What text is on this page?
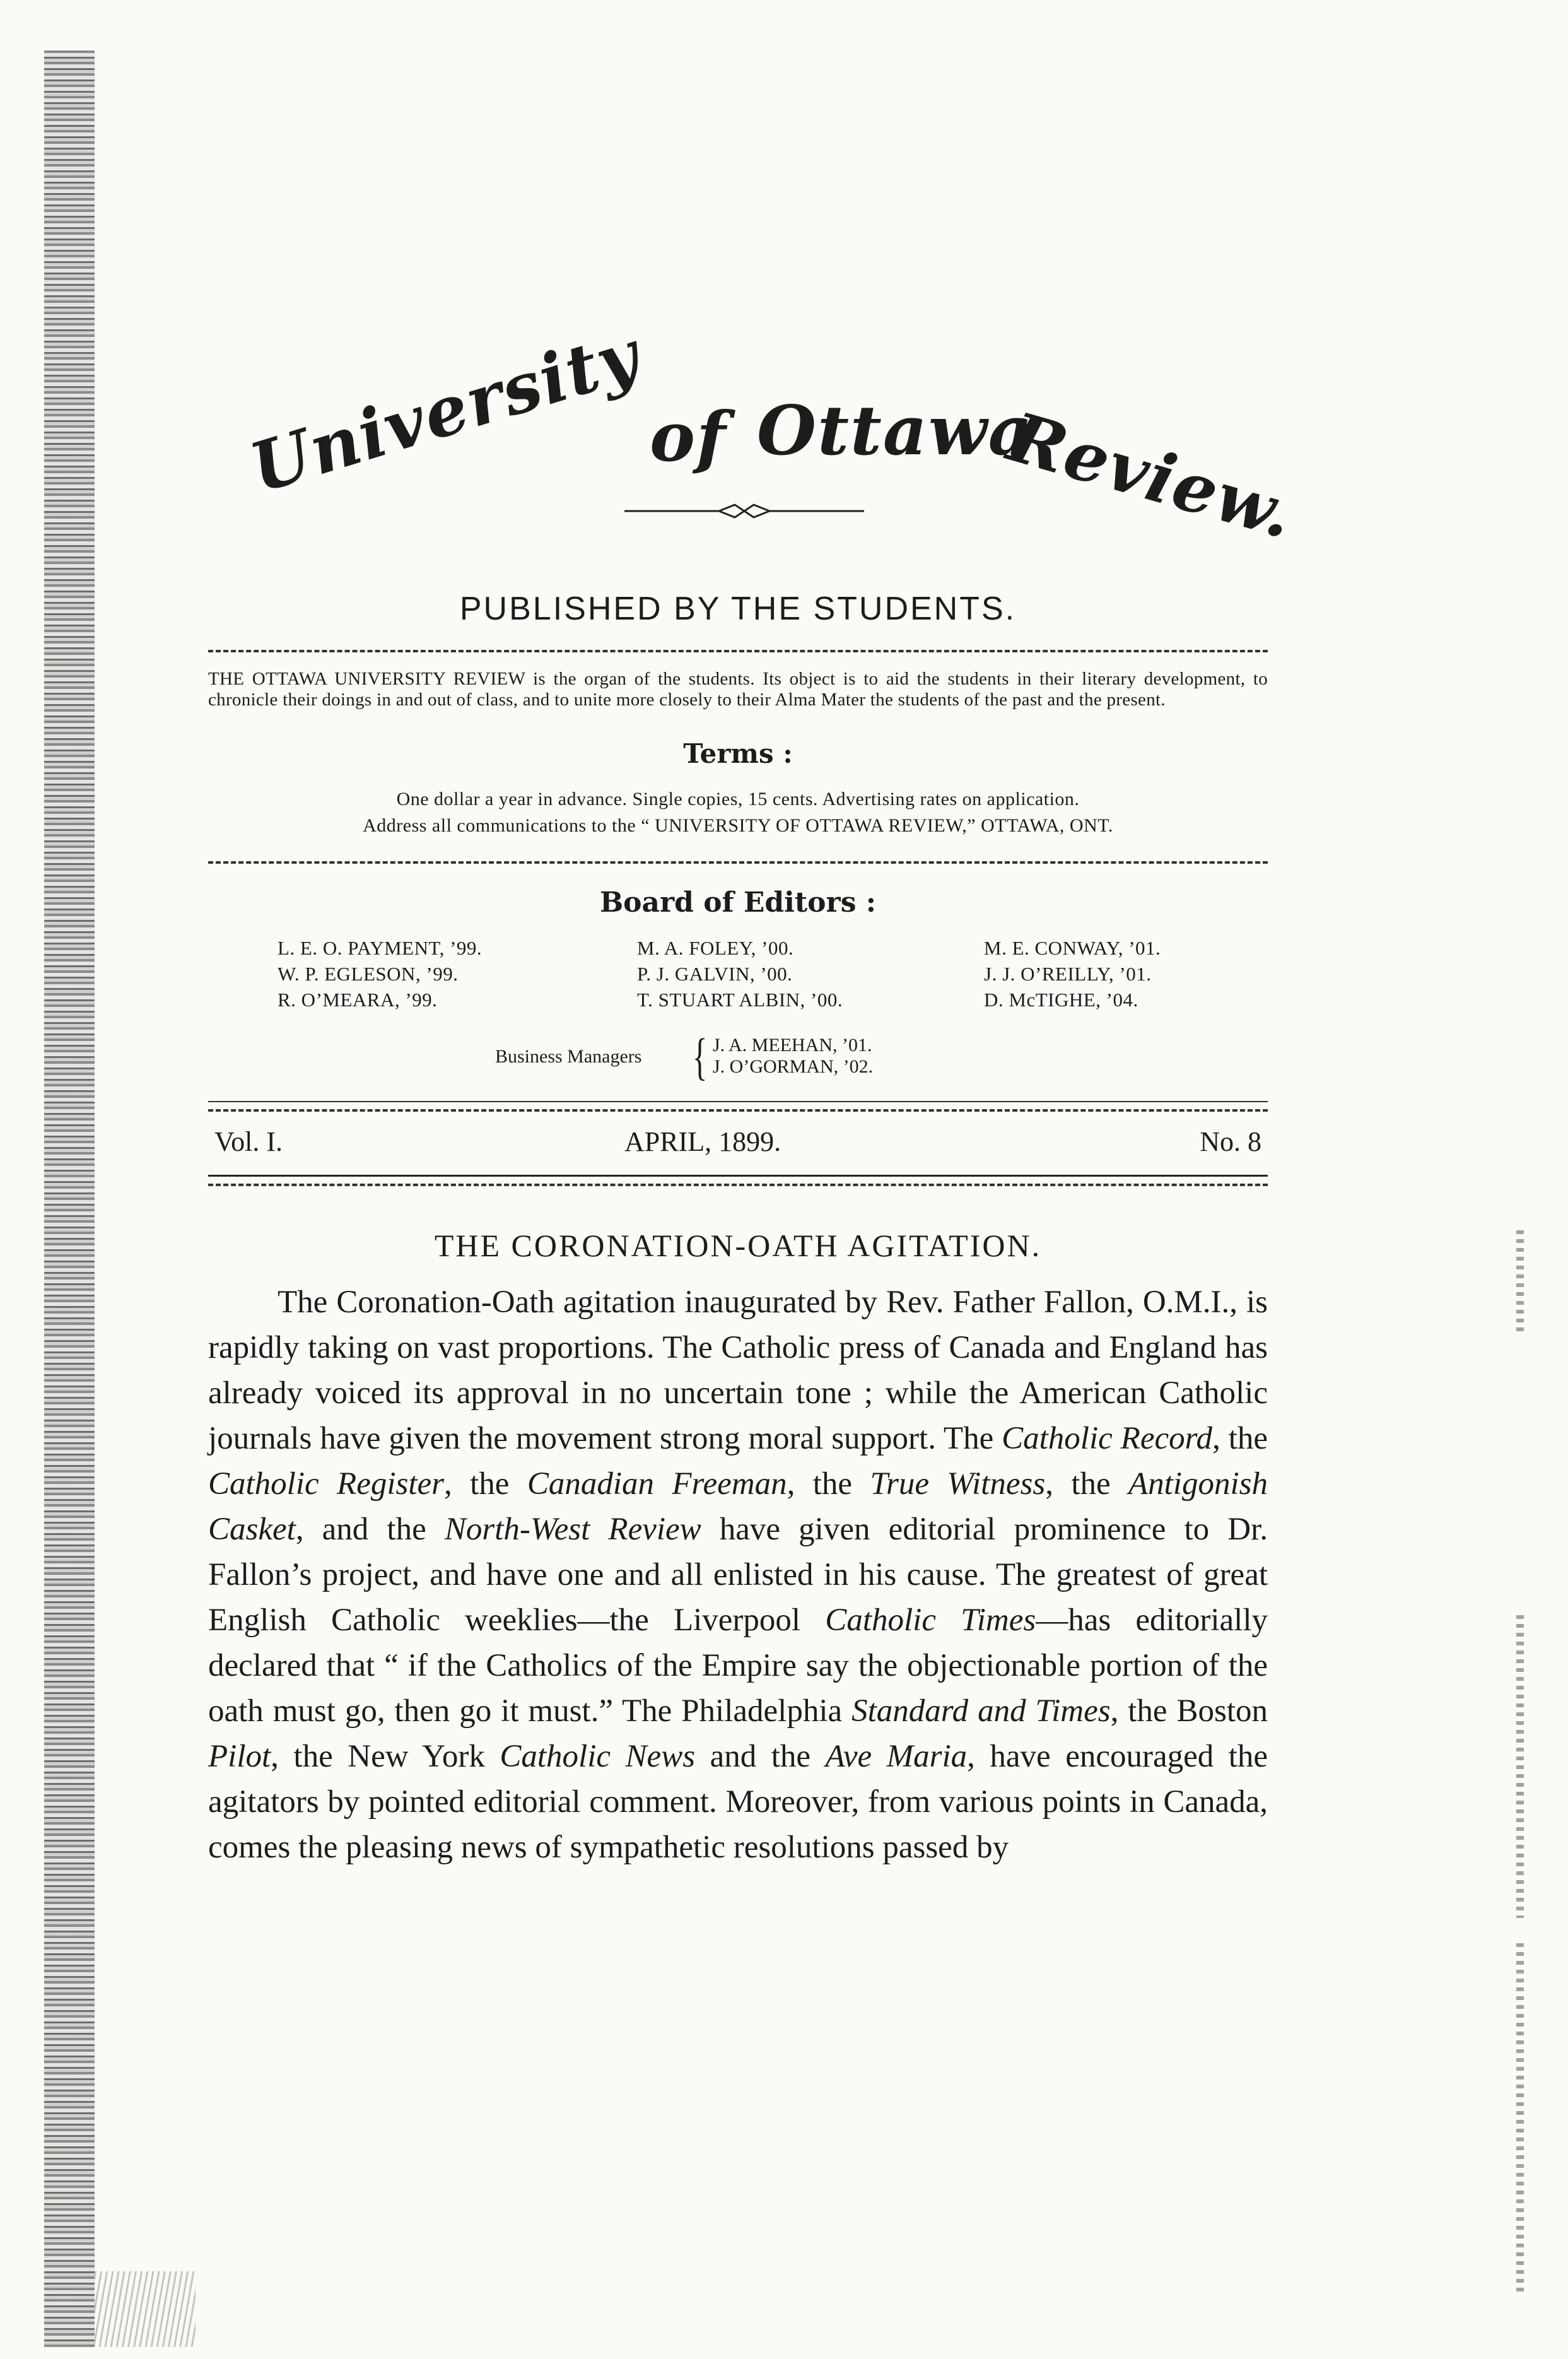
University of Ottawa
Review.
PUBLISHED BY THE STUDENTS.
THE OTTAWA UNIVERSITY REVIEW is the organ of the students. Its object is to aid the students in their literary development, to chronicle their doings in and out of class, and to unite more closely to their Alma Mater the students of the past and the present.
Terms :
One dollar a year in advance. Single copies, 15 cents. Advertising rates on application.
Address all communications to the “ UNIVERSITY OF OTTAWA REVIEW,” OTTAWA, ONT.
Board of Editors :
L. E. O. PAYMENT, ’99.
W. P. EGLESON, ’99.
R. O’MEARA, ’99.
M. A. FOLEY, ’00.
P. J. GALVIN, ’00.
T. STUART ALBIN, ’00.
M. E. CONWAY, ’01.
J. J. O’REILLY, ’01.
D. McTIGHE, ’04.
Business Managers { J. A. MEEHAN, ’01.
J. O’GORMAN, ’02.
Vol. I.	APRIL, 1899.	No. 8
THE CORONATION-OATH AGITATION.

The Coronation-Oath agitation inaugurated by Rev. Father Fallon, O.M.I., is rapidly taking on vast proportions. The Catholic press of Canada and England has already voiced its approval in no uncertain tone ; while the American Catholic journals have given the movement strong moral support. The Catholic Record, the Catholic Register, the Canadian Freeman, the True Witness, the Antigonish Casket, and the North-West Review have given editorial prominence to Dr. Fallon’s project, and have one and all enlisted in his cause. The greatest of great English Catholic weeklies—the Liverpool Catholic Times—has editorially declared that “ if the Catholics of the Empire say the objectionable portion of the oath must go, then go it must.” The Philadelphia Standard and Times, the Boston Pilot, the New York Catholic News and the Ave Maria, have encouraged the agitators by pointed editorial comment. Moreover, from various points in Canada, comes the pleasing news of sympathetic resolutions passed by
